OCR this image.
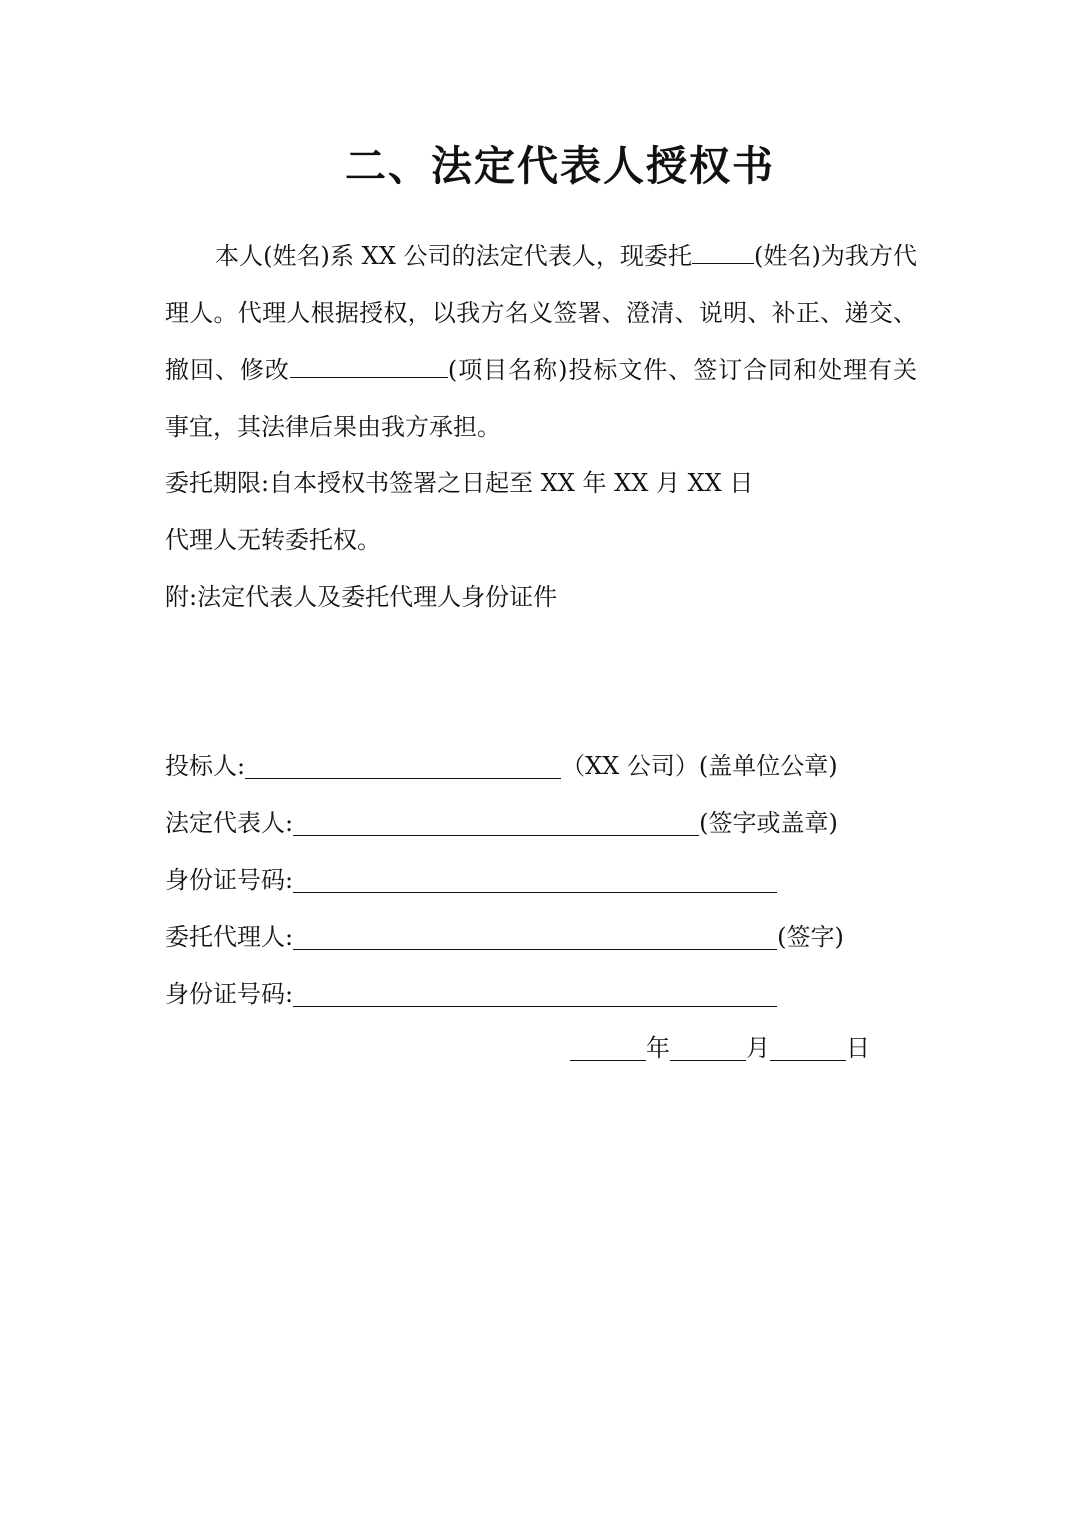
二、法定代表人授权书
本人(姓名)系 XX 公司的法定代表人，现委托	(姓名)为我方代理人。代理人根据授权，以我方名义签署、澄清、说明、补正、递交、撤回、修改	(项目名称)投标文件、签订合同和处理有关事宜，其法律后果由我方承担。
委托期限:自本授权书签署之日起至 XX 年 XX 月 XX 日
代理人无转委托权。
附:法定代表人及委托代理人身份证件
投标人:	（XX 公司）(盖单位公章)
法定代表人:	(签字或盖章)
身份证号码:
委托代理人:	(签字)
身份证号码:
年	月	日
